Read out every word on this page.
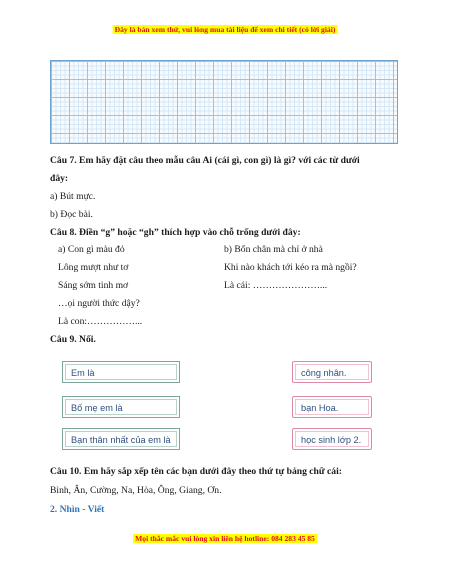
Đây là bản xem thử, vui lòng mua tài liệu để xem chi tiết (có lời giải)
Câu 7. Em hãy đặt câu theo mẫu câu Ai (cái gì, con gì) là gì? với các từ dưới
đây:
a) Bút mực.
b) Đọc bài.
Câu 8. Điền “g” hoặc “gh” thích hợp vào chỗ trống dưới đây:
a) Con gì màu đỏ
Lông mượt như tơ
Sáng sớm tinh mơ
…ọi người thức dậy?
Là con:……………...
b) Bốn chân mà chỉ ở nhà
Khi nào khách tới kéo ra mà ngồi?
Là cái: …………………...
Câu 9. Nối.
Em là
Bố mẹ em là
Bạn thân nhất của em là
công nhân.
bạn Hoa.
học sinh lớp 2.
Câu 10. Em hãy sắp xếp tên các bạn dưới đây theo thứ tự bảng chữ cái:
Bình, Ân, Cường, Na, Hòa, Ông, Giang, Ơn.
2. Nhìn - Viết
Mọi thắc mắc vui lòng xin liên hệ hotline: 084 283 45 85
